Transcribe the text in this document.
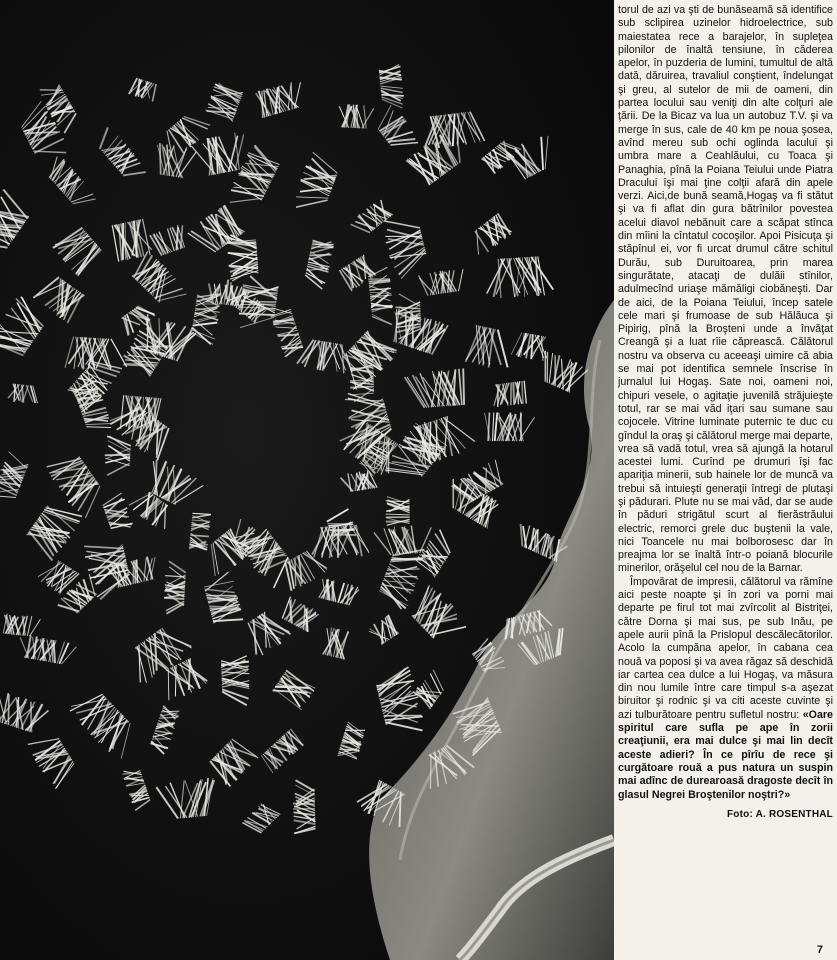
torul de azi va şti de bunăseamă să identifice sub sclipirea uzinelor hidroelectrice, sub maiestatea rece a barajelor, în supleţea pilonilor de înaltă tensiune, în căderea apelor, în puzderia de lumini, tumultul de altă dată, dăruirea, travaliul conştient, îndelungat şi greu, al sutelor de mii de oameni, din partea locului sau veniţi din alte colţuri ale ţării. De la Bicaz va lua un autobuz T.V. şi va merge în sus, cale de 40 km pe noua şosea, avînd mereu sub ochi oglinda lacului şi umbra mare a Ceahlăului, cu Toaca şi Panaghia, pînă la Poiana Teiului unde Piatra Dracului îşi mai ţine colţii afară din apele verzi. Aici,de bună seamă,Hogaş va fi stătut şi va fi aflat din gura bătrînilor povestea acelui diavol nebănuit care a scăpat stînca din mîini la cîntatul cocoşilor. Apoi Pisicuţa şi stăpînul ei, vor fi urcat drumul către schitul Durău, sub Duruitoarea, prin marea singurătate, atacaţi de dulăii stînilor, adulmecînd uriaşe mămăligi ciobăneşti. Dar de aici, de la Poiana Teiului, încep satele cele mari şi frumoase de sub Hălăuca şi Pipirig, pînă la Broşteni unde a învăţat Creangă şi a luat rîie căprească. Călătorul nostru va observa cu aceeaşi uimire că abia se mai pot identifica semnele înscrise în jurnalul lui Hogaş. Sate noi, oameni noi, chipuri vesele, o agitaţie juvenilă străjuieşte totul, rar se mai văd iţari sau sumane sau cojocele. Vitrine luminate puternic te duc cu gîndul la oraş şi călătorul merge mai departe, vrea să vadă totul, vrea să ajungă la hotarul acestei lumi. Curînd pe drumuri îşi fac apariţia minerii, sub hainele lor de muncă va trebui să intuieşti generaţii întregi de plutaşi şi pădurari. Plute nu se mai văd, dar se aude în păduri strigătul scurt al fierăstrăului electric, remorci grele duc buştenii la vale, nici Toancele nu mai bolborosesc dar în preajma lor se înaltă într-o poiană blocurile minerilor, orăşelul cel nou de la Barnar.

Împovărat de impresii, călătorul va rămîne aici peste noapte şi în zori va porni mai departe pe firul tot mai zvîrcolit al Bistriţei, către Dorna şi mai sus, pe sub Inău, pe apele aurii pînă la Prislopul descălecătorilor. Acolo la cumpăna apelor, în cabana cea nouă va poposi şi va avea răgaz să deschidă iar cartea cea dulce a lui Hogaş, va măsura din nou lumile între care timpul s-a aşezat biruitor şi rodnic şi va citi aceste cuvinte şi azi tulburătoare pentru sufletul nostru: «Oare spiritul care sufla pe ape în zorii creaţiunii, era mai dulce şi mai lin decît aceste adieri? În ce pîrîu de rece şi curgătoare rouă a pus natura un suspin mai adînc de durearoasă dragoste decît în glasul Negrei Broştenilor noştri?»

Foto: A. ROSENTHAL
7
